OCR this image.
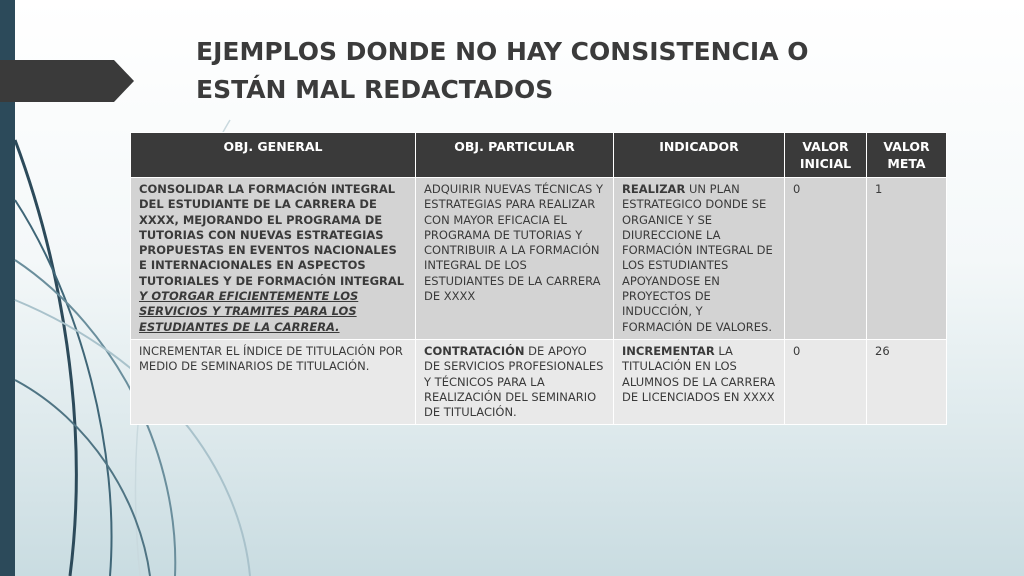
EJEMPLOS DONDE NO HAY CONSISTENCIA O
ESTÁN MAL REDACTADOS
OBJ. GENERAL	OBJ. PARTICULAR	INDICADOR	VALOR INICIAL	VALOR META
CONSOLIDAR LA FORMACIÓN INTEGRAL DEL ESTUDIANTE DE LA CARRERA DE XXXX, MEJORANDO EL PROGRAMA DE TUTORIAS CON NUEVAS ESTRATEGIAS PROPUESTAS EN EVENTOS NACIONALES E INTERNACIONALES EN ASPECTOS TUTORIALES Y DE FORMACIÓN INTEGRAL Y OTORGAR EFICIENTEMENTE LOS SERVICIOS Y TRAMITES PARA LOS ESTUDIANTES DE LA CARRERA.	ADQUIRIR NUEVAS TÉCNICAS Y ESTRATEGIAS PARA REALIZAR CON MAYOR EFICACIA EL PROGRAMA DE TUTORIAS Y CONTRIBUIR A LA FORMACIÓN INTEGRAL DE LOS ESTUDIANTES DE LA CARRERA DE XXXX	REALIZAR UN PLAN ESTRATEGICO DONDE SE ORGANICE Y SE DIURECCIONE LA FORMACIÓN INTEGRAL DE LOS ESTUDIANTES APOYANDOSE EN PROYECTOS DE INDUCCIÓN, Y FORMACIÓN DE VALORES.	0	1
INCREMENTAR EL ÍNDICE DE TITULACIÓN POR MEDIO DE SEMINARIOS DE TITULACIÓN.	CONTRATACIÓN DE APOYO DE SERVICIOS PROFESIONALES Y TÉCNICOS PARA LA REALIZACIÓN DEL SEMINARIO DE TITULACIÓN.	INCREMENTAR LA TITULACIÓN EN LOS ALUMNOS DE LA CARRERA DE LICENCIADOS EN XXXX	0	26
